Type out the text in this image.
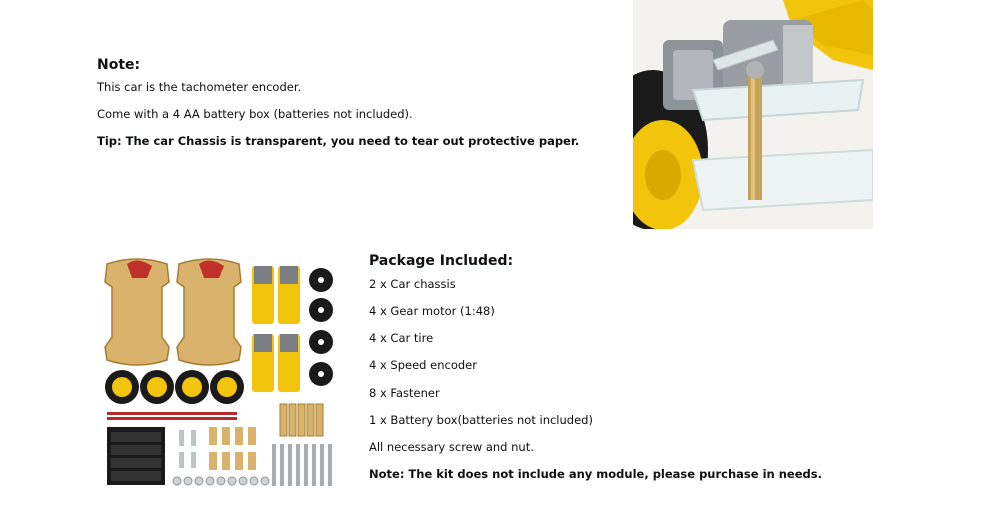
Note:

This car is the tachometer encoder.

Come with a 4 AA battery box (batteries not included).

Tip: The car Chassis is transparent, you need to tear out protective paper.

Package Included:

2 x Car chassis

4 x Gear motor (1:48)

4 x Car tire

4 x Speed encoder

8 x Fastener

1 x Battery box(batteries not included)

All necessary screw and nut.

Note: The kit does not include any module, please purchase in needs.
